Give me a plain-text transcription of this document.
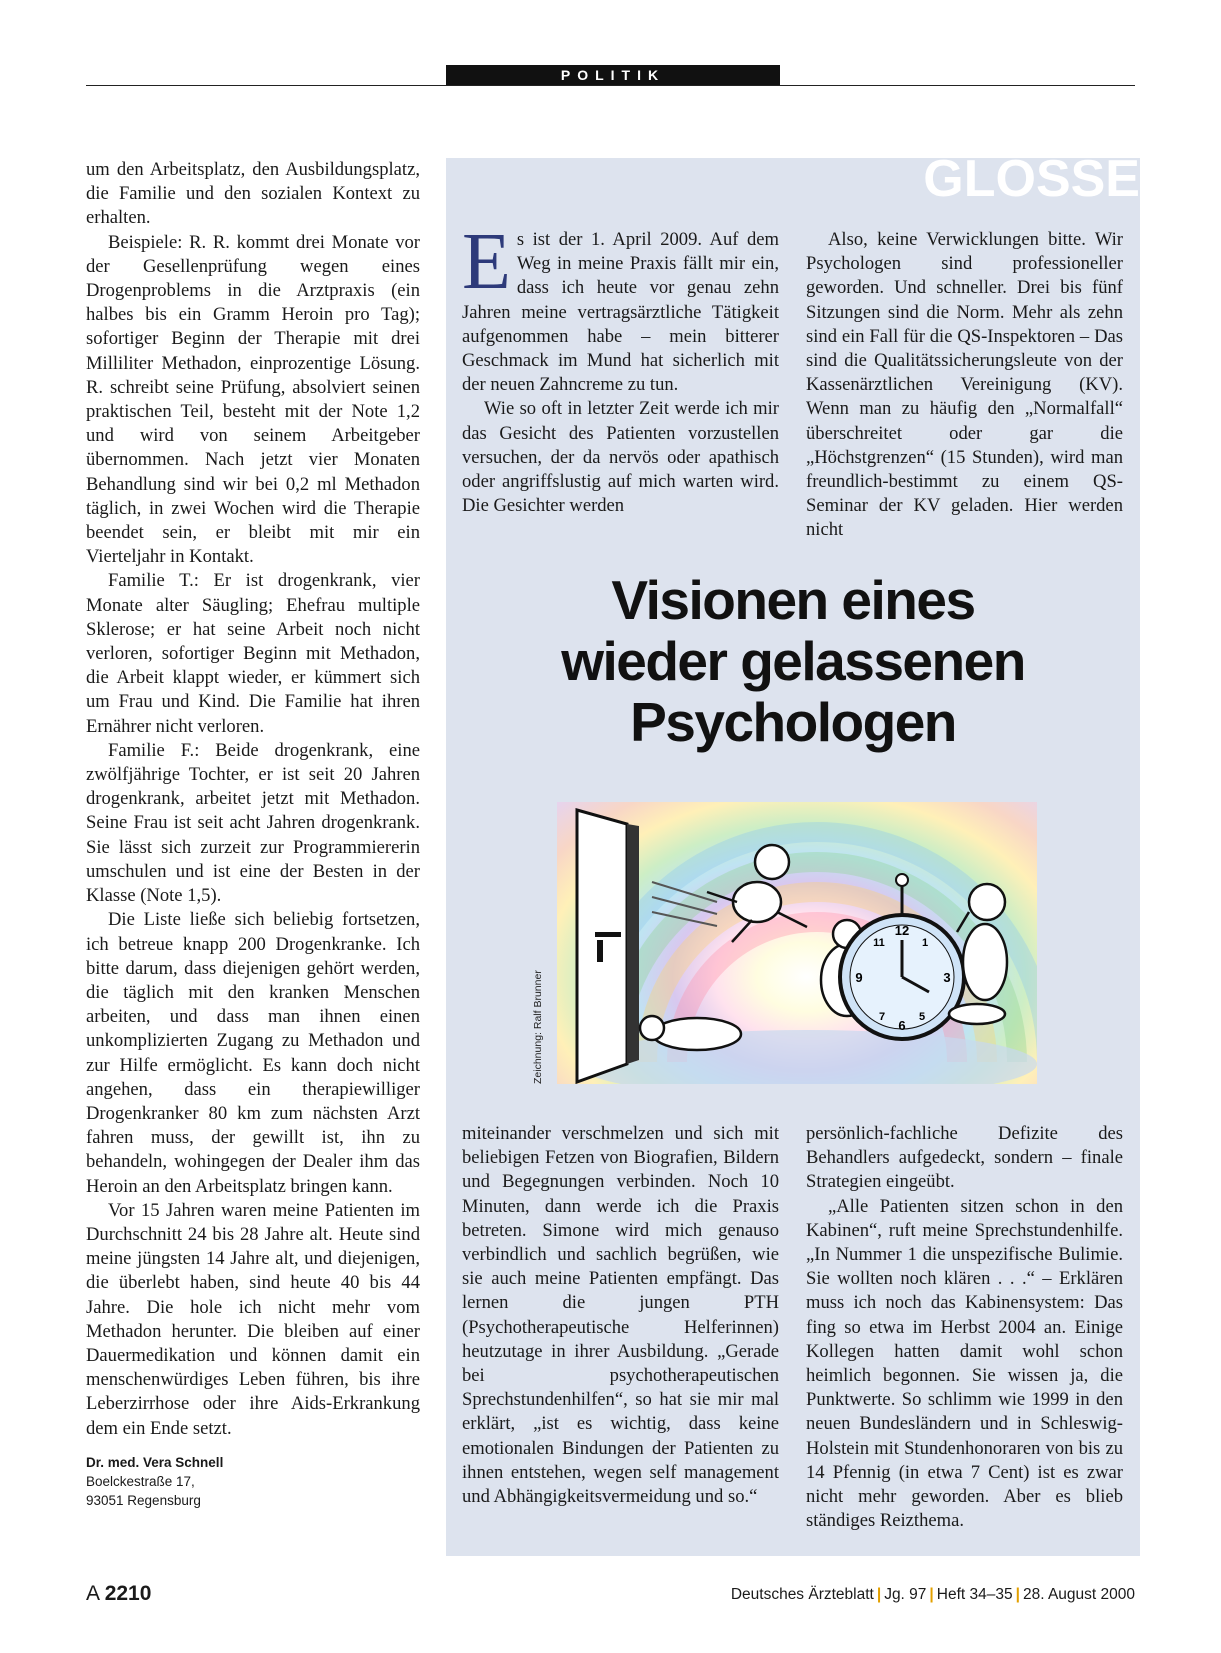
POLITIK

um den Arbeitsplatz, den Ausbildungsplatz, die Familie und den sozialen Kontext zu erhalten.

Beispiele: R. R. kommt drei Monate vor der Gesellenprüfung wegen eines Drogenproblems in die Arztpraxis (ein halbes bis ein Gramm Heroin pro Tag); sofortiger Beginn der Therapie mit drei Milliliter Methadon, einprozentige Lösung. R. schreibt seine Prüfung, absolviert seinen praktischen Teil, besteht mit der Note 1,2 und wird von seinem Arbeitgeber übernommen. Nach jetzt vier Monaten Behandlung sind wir bei 0,2 ml Methadon täglich, in zwei Wochen wird die Therapie beendet sein, er bleibt mit mir ein Vierteljahr in Kontakt.

Familie T.: Er ist drogenkrank, vier Monate alter Säugling; Ehefrau multiple Sklerose; er hat seine Arbeit noch nicht verloren, sofortiger Beginn mit Methadon, die Arbeit klappt wieder, er kümmert sich um Frau und Kind. Die Familie hat ihren Ernährer nicht verloren.

Familie F.: Beide drogenkrank, eine zwölfjährige Tochter, er ist seit 20 Jahren drogenkrank, arbeitet jetzt mit Methadon. Seine Frau ist seit acht Jahren drogenkrank. Sie lässt sich zurzeit zur Programmiererin umschulen und ist eine der Besten in der Klasse (Note 1,5).

Die Liste ließe sich beliebig fortsetzen, ich betreue knapp 200 Drogenkranke. Ich bitte darum, dass diejenigen gehört werden, die täglich mit den kranken Menschen arbeiten, und dass man ihnen einen unkomplizierten Zugang zu Methadon und zur Hilfe ermöglicht. Es kann doch nicht angehen, dass ein therapiewilliger Drogenkranker 80 km zum nächsten Arzt fahren muss, der gewillt ist, ihn zu behandeln, wohingegen der Dealer ihm das Heroin an den Arbeitsplatz bringen kann.

Vor 15 Jahren waren meine Patienten im Durchschnitt 24 bis 28 Jahre alt. Heute sind meine jüngsten 14 Jahre alt, und diejenigen, die überlebt haben, sind heute 40 bis 44 Jahre. Die hole ich nicht mehr vom Methadon herunter. Die bleiben auf einer Dauermedikation und können damit ein menschenwürdiges Leben führen, bis ihre Leberzirrhose oder ihre Aids-Erkrankung dem ein Ende setzt.

Dr. med. Vera Schnell
Boelckestraße 17,
93051 Regensburg
GLOSSE

Es ist der 1. April 2009. Auf dem Weg in meine Praxis fällt mir ein, dass ich heute vor genau zehn Jahren meine vertragsärztliche Tätigkeit aufgenommen habe – mein bitterer Geschmack im Mund hat sicherlich mit der neuen Zahncreme zu tun.

Wie so oft in letzter Zeit werde ich mir das Gesicht des Patienten vorzustellen versuchen, der da nervös oder apathisch oder angriffslustig auf mich warten wird. Die Gesichter werden

Also, keine Verwicklungen bitte. Wir Psychologen sind professioneller geworden. Und schneller. Drei bis fünf Sitzungen sind die Norm. Mehr als zehn sind ein Fall für die QS-Inspektoren – Das sind die Qualitätssicherungsleute von der Kassenärztlichen Vereinigung (KV). Wenn man zu häufig den „Normalfall“ überschreitet oder gar die „Höchstgrenzen“ (15 Stunden), wird man freundlich-bestimmt zu einem QS-Seminar der KV geladen. Hier werden nicht

Visionen eines
wieder gelassenen
Psychologen
Zeichnung: Ralf Brunner
12
3
6
9
11	1
5
7

miteinander verschmelzen und sich mit beliebigen Fetzen von Biografien, Bildern und Begegnungen verbinden. Noch 10 Minuten, dann werde ich die Praxis betreten. Simone wird mich genauso verbindlich und sachlich begrüßen, wie sie auch meine Patienten empfängt. Das lernen die jungen PTH (Psychotherapeutische Helferinnen) heutzutage in ihrer Ausbildung. „Gerade bei psychotherapeutischen Sprechstundenhilfen“, so hat sie mir mal erklärt, „ist es wichtig, dass keine emotionalen Bindungen der Patienten zu ihnen entstehen, wegen self management und Abhängigkeitsvermeidung und so.“

persönlich-fachliche Defizite des Behandlers aufgedeckt, sondern – finale Strategien eingeübt.

„Alle Patienten sitzen schon in den Kabinen“, ruft meine Sprechstundenhilfe. „In Nummer 1 die unspezifische Bulimie. Sie wollten noch klären . . .“ – Erklären muss ich noch das Kabinensystem: Das fing so etwa im Herbst 2004 an. Einige Kollegen hatten damit wohl schon heimlich begonnen. Sie wissen ja, die Punktwerte. So schlimm wie 1999 in den neuen Bundesländern und in Schleswig-Holstein mit Stundenhonoraren von bis zu 14 Pfennig (in etwa 7 Cent) ist es zwar nicht mehr geworden. Aber es blieb ständiges Reizthema.

A 2210	Deutsches Ärzteblatt | Jg. 97 | Heft 34–35 | 28. August 2000
